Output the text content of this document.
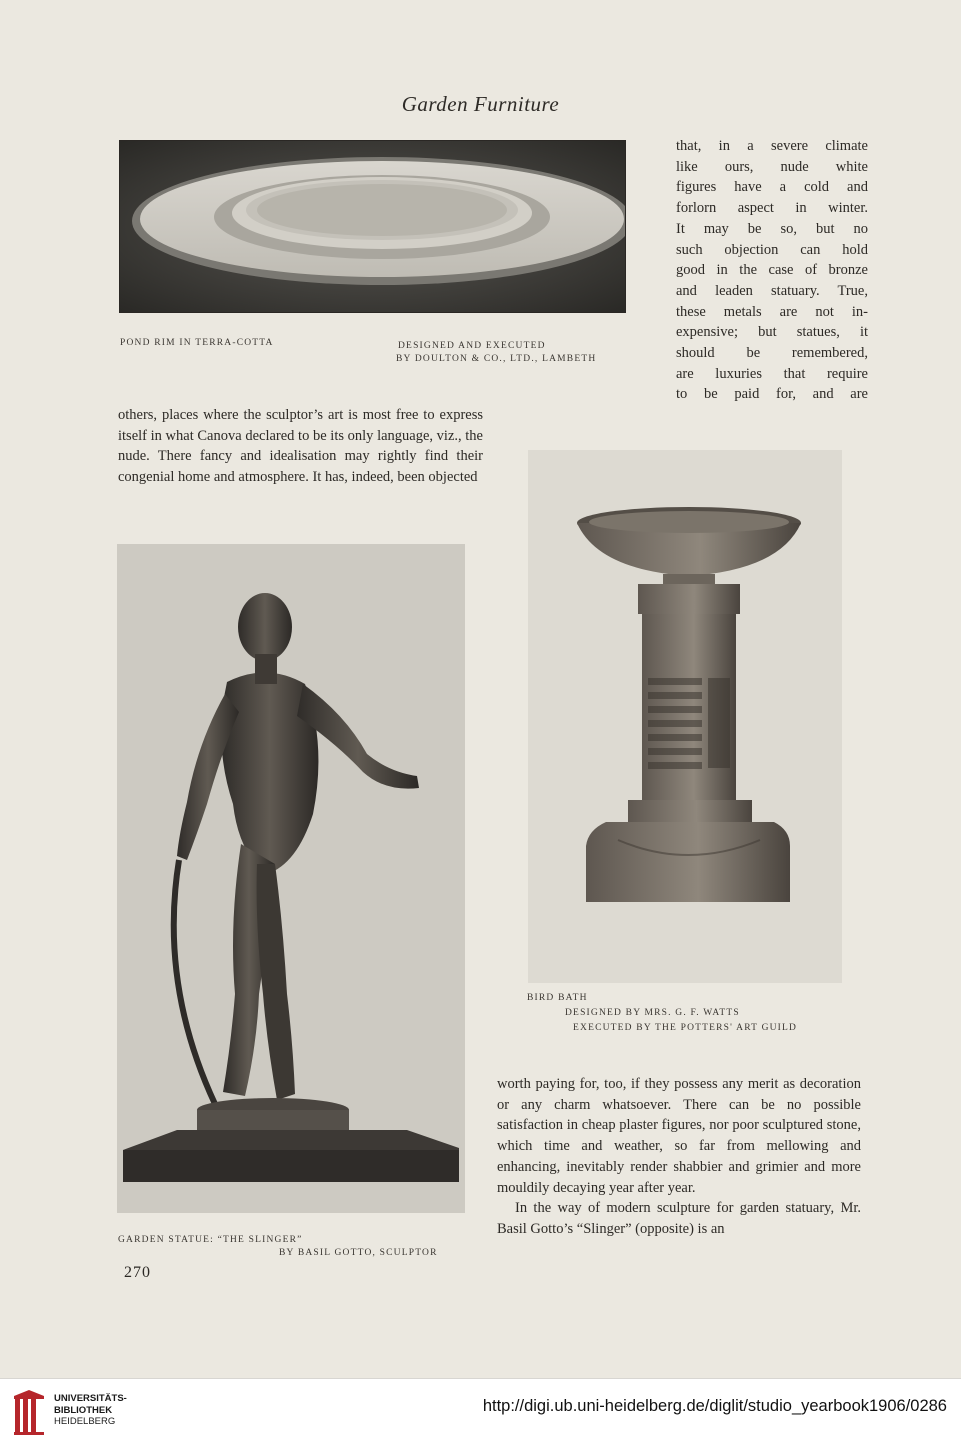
Garden Furniture
POND RIM IN TERRA-COTTA	DESIGNED AND EXECUTED
BY DOULTON & CO., LTD., LAMBETH
that, in a severe climate
like ours, nude white
figures have a cold and
forlorn aspect in winter.
It may be so, but no
such objection can hold
good in the case of bronze
and leaden statuary. True,
these metals are not in-
expensive; but statues, it
should be remembered,
are luxuries that require
to be paid for, and are

others, places where the sculptor’s art is most free to express itself in what Canova declared to be its only language, viz., the nude. There fancy and idealisation may rightly find their congenial home and atmosphere. It has, indeed, been objected

BIRD BATH
DESIGNED BY MRS. G. F. WATTS
EXECUTED BY THE POTTERS' ART GUILD
GARDEN STATUE: “THE SLINGER”
BY BASIL GOTTO, SCULPTOR

worth paying for, too, if they possess any merit as decoration or any charm whatsoever. There can be no possible satisfaction in cheap plaster figures, nor poor sculptured stone, which time and weather, so far from mellowing and enhancing, inevitably render shabbier and grimier and more mouldily decaying year after year.

In the way of modern sculpture for garden statuary, Mr. Basil Gotto’s “Slinger” (opposite) is an

270
UNIVERSITÄTS-
BIBLIOTHEK
HEIDELBERG
http://digi.ub.uni-heidelberg.de/diglit/studio_yearbook1906/0286
